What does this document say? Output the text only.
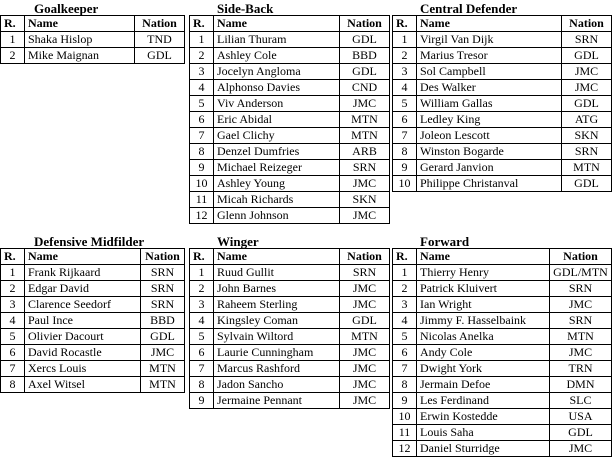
Goalkeeper
R.	Name	Nation
1	Shaka Hislop	TND
2	Mike Maignan	GDL
Side-Back
R.	Name	Nation
1	Lilian Thuram	GDL
2	Ashley Cole	BBD
3	Jocelyn Angloma	GDL
4	Alphonso Davies	CND
5	Viv Anderson	JMC
6	Eric Abidal	MTN
7	Gael Clichy	MTN
8	Denzel Dumfries	ARB
9	Michael Reizeger	SRN
10	Ashley Young	JMC
11	Micah Richards	SKN
12	Glenn Johnson	JMC
Central Defender
R.	Name	Nation
1	Virgil Van Dijk	SRN
2	Marius Tresor	GDL
3	Sol Campbell	JMC
4	Des Walker	JMC
5	William Gallas	GDL
6	Ledley King	ATG
7	Joleon Lescott	SKN
8	Winston Bogarde	SRN
9	Gerard Janvion	MTN
10	Philippe Christanval	GDL
Defensive Midfilder
R.	Name	Nation
1	Frank Rijkaard	SRN
2	Edgar David	SRN
3	Clarence Seedorf	SRN
4	Paul Ince	BBD
5	Olivier Dacourt	GDL
6	David Rocastle	JMC
7	Xercs Louis	MTN
8	Axel Witsel	MTN
Winger
R.	Name	Nation
1	Ruud Gullit	SRN
2	John Barnes	JMC
3	Raheem Sterling	JMC
4	Kingsley Coman	GDL
5	Sylvain Wiltord	MTN
6	Laurie Cunningham	JMC
7	Marcus Rashford	JMC
8	Jadon Sancho	JMC
9	Jermaine Pennant	JMC
Forward
R.	Name	Nation
1	Thierry Henry	GDL/MTN
2	Patrick Kluivert	SRN
3	Ian Wright	JMC
4	Jimmy F. Hasselbaink	SRN
5	Nicolas Anelka	MTN
6	Andy Cole	JMC
7	Dwight York	TRN
8	Jermain Defoe	DMN
9	Les Ferdinand	SLC
10	Erwin Kostedde	USA
11	Louis Saha	GDL
12	Daniel Sturridge	JMC
